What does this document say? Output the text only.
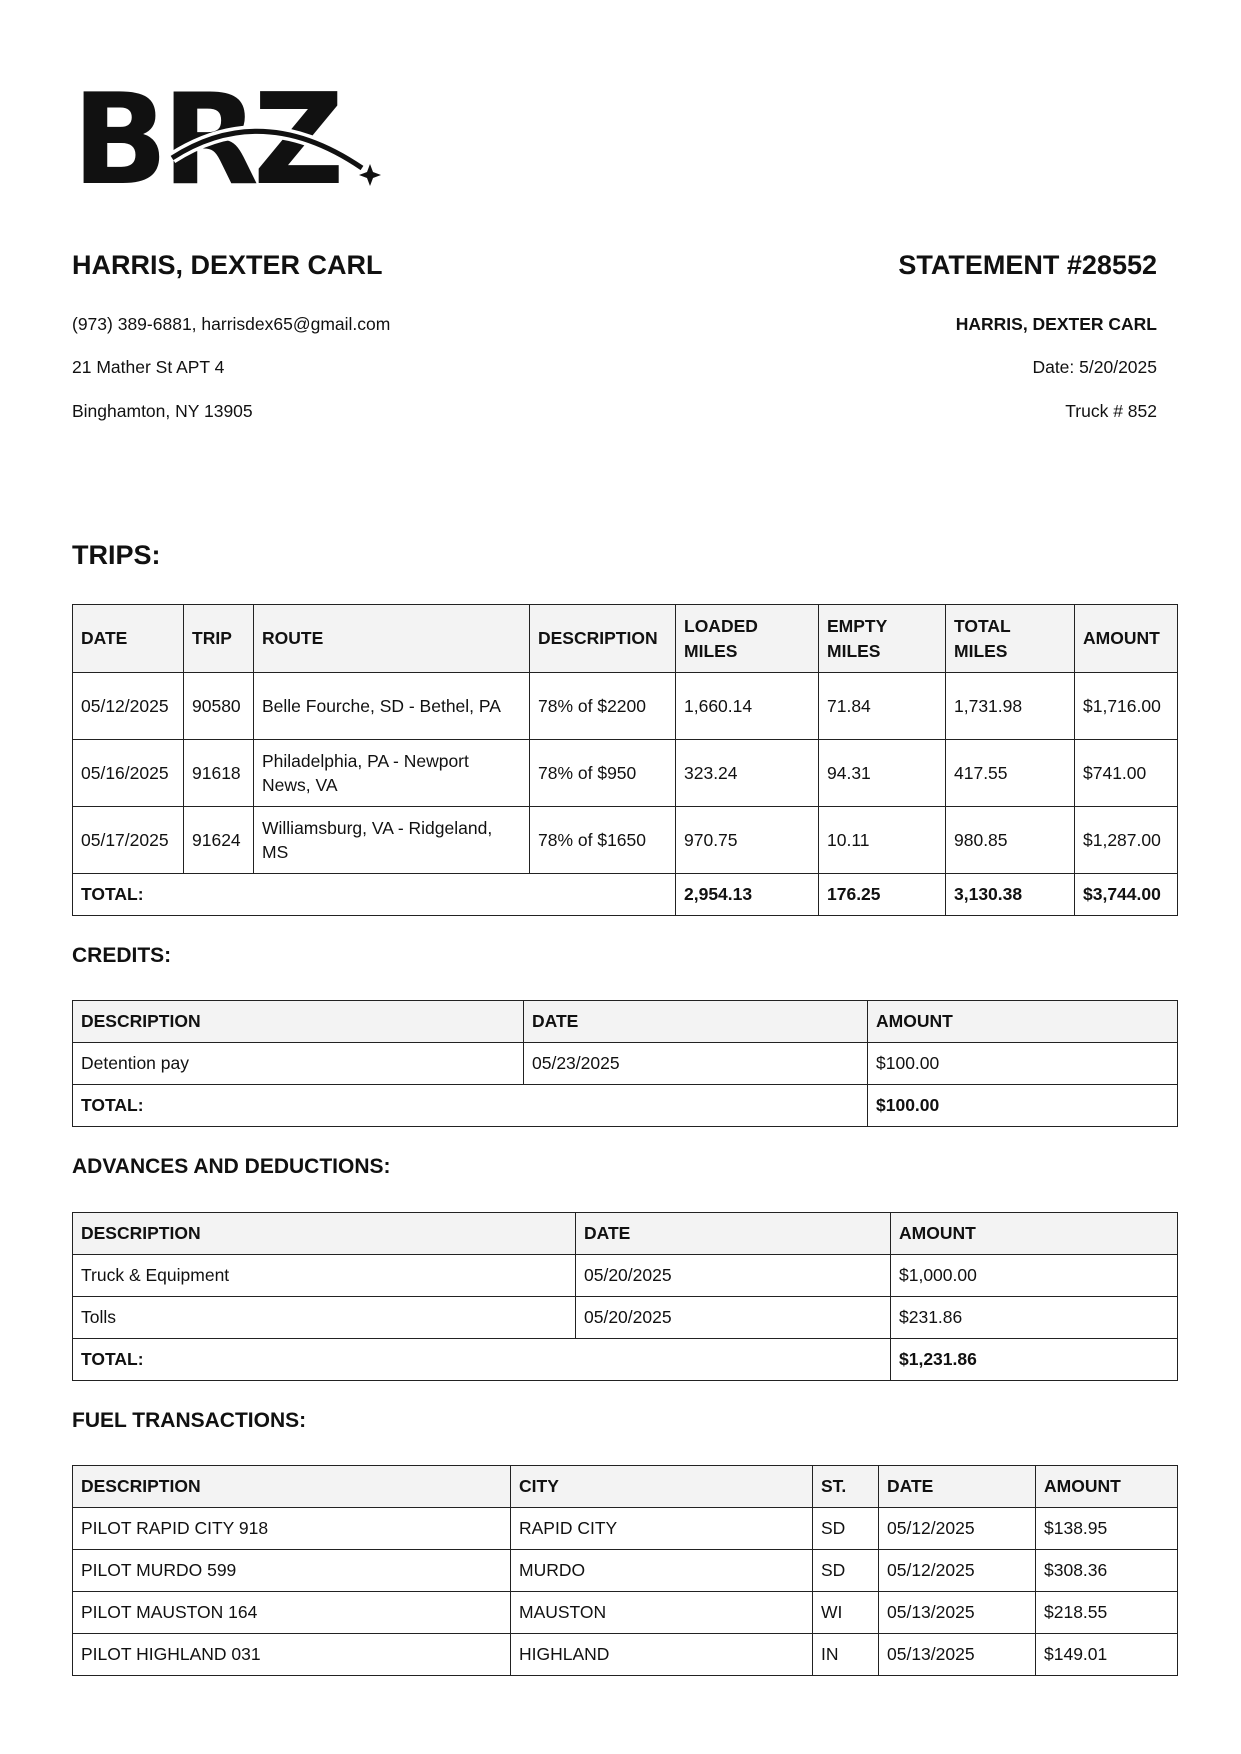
BRZ

HARRIS, DEXTER CARL

(973) 389-6881, harrisdex65@gmail.com

21 Mather St APT 4

Binghamton, NY 13905

STATEMENT #28552

HARRIS, DEXTER CARL

Date: 5/20/2025

Truck # 852

TRIPS:

DATE	TRIP	ROUTE	DESCRIPTION	LOADED MILES	EMPTY MILES	TOTAL MILES	AMOUNT
05/12/2025	90580	Belle Fourche, SD - Bethel, PA	78% of $2200	1,660.14	71.84	1,731.98	$1,716.00
05/16/2025	91618	Philadelphia, PA - Newport News, VA	78% of $950	323.24	94.31	417.55	$741.00
05/17/2025	91624	Williamsburg, VA - Ridgeland, MS	78% of $1650	970.75	10.11	980.85	$1,287.00
TOTAL:				2,954.13	176.25	3,130.38	$3,744.00

CREDITS:

DESCRIPTION	DATE	AMOUNT
Detention pay	05/23/2025	$100.00
TOTAL:		$100.00

ADVANCES AND DEDUCTIONS:

DESCRIPTION	DATE	AMOUNT
Truck & Equipment	05/20/2025	$1,000.00
Tolls	05/20/2025	$231.86
TOTAL:		$1,231.86

FUEL TRANSACTIONS:

DESCRIPTION	CITY	ST.	DATE	AMOUNT
PILOT RAPID CITY 918	RAPID CITY	SD	05/12/2025	$138.95
PILOT MURDO 599	MURDO	SD	05/12/2025	$308.36
PILOT MAUSTON 164	MAUSTON	WI	05/13/2025	$218.55
PILOT HIGHLAND 031	HIGHLAND	IN	05/13/2025	$149.01
